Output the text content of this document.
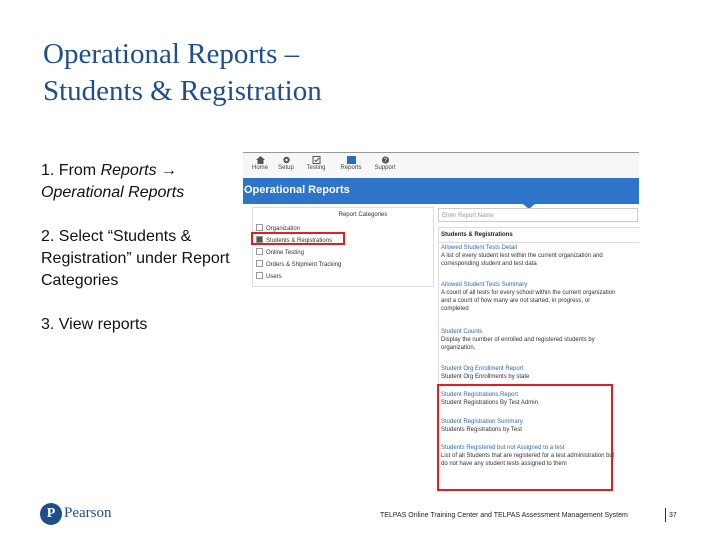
Operational Reports –
Students & Registration
1. From Reports → Operational Reports
2. Select “Students & Registration” under Report Categories
3. View reports
Home	Setup	Testing	Reports
?
Support
Operational Reports
Report Categories
Organization
Students & Registrations
Online Testing
Orders & Shipment Tracking
Users
Enter Report Name
Students & Registrations
Allowed Student Tests Detail
A list of every student test within the current organization and corresponding student and test data
Allowed Student Tests Summary
A count of all tests for every school within the current organization and a count of how many are not started, in progress, or completed
Student Counts
Display the number of enrolled and registered students by organization.
Student Org Enrollment Report
Student Org Enrollments by state
Student Registrations Report
Student Registrations By Test Admin
Student Registration Summary
Students Registrations by Test
Students Registered but not Assigned to a test
List of all Students that are registered for a test administration but do not have any student tests assigned to them
P Pearson	TELPAS Online Training Center and TELPAS Assessment Management System	37
